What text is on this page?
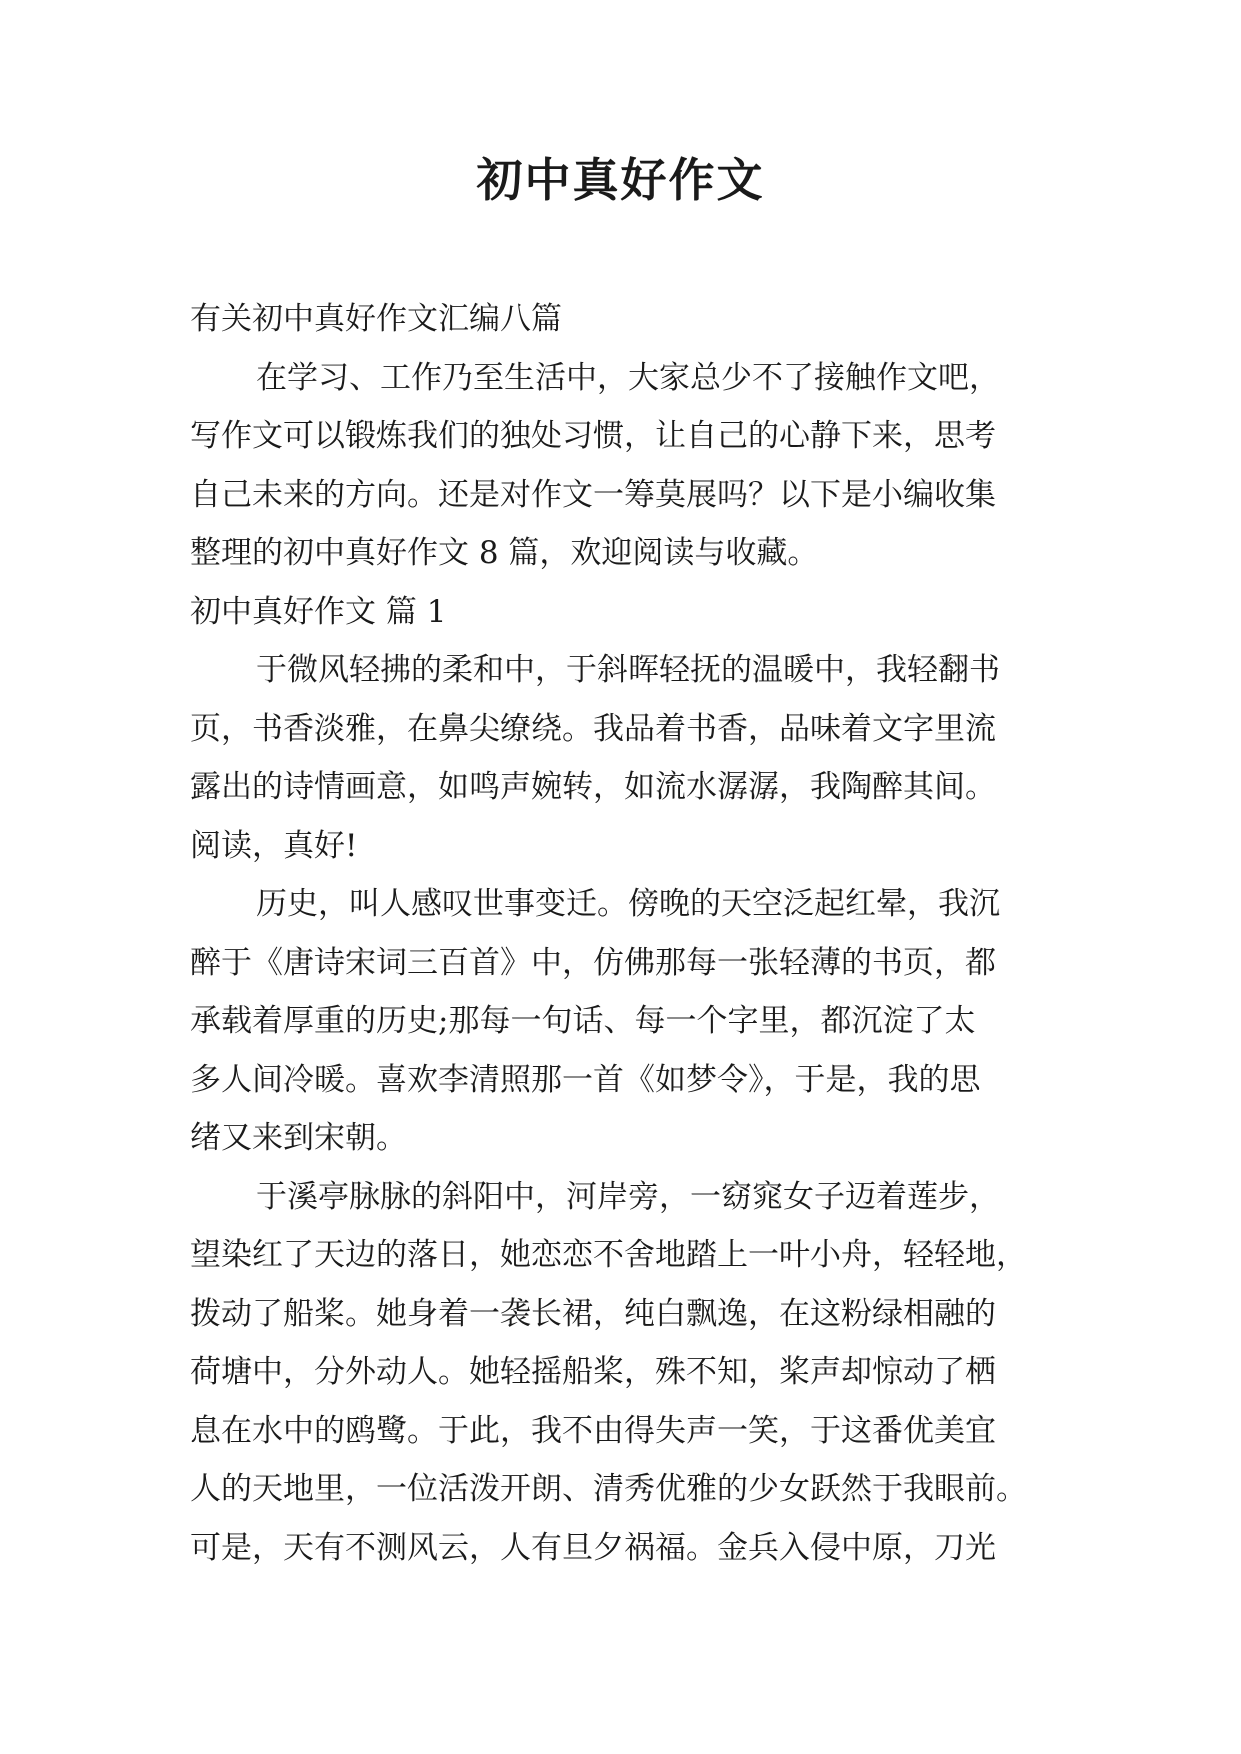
初中真好作文
有关初中真好作文汇编八篇
在学习、工作乃至生活中，大家总少不了接触作文吧，
写作文可以锻炼我们的独处习惯，让自己的心静下来，思考
自己未来的方向。还是对作文一筹莫展吗？以下是小编收集
整理的初中真好作文 8 篇，欢迎阅读与收藏。
初中真好作文 篇 1
于微风轻拂的柔和中，于斜晖轻抚的温暖中，我轻翻书
页，书香淡雅，在鼻尖缭绕。我品着书香，品味着文字里流
露出的诗情画意，如鸣声婉转，如流水潺潺，我陶醉其间。
阅读，真好!
历史，叫人感叹世事变迁。傍晚的天空泛起红晕，我沉
醉于《唐诗宋词三百首》中，仿佛那每一张轻薄的书页，都
承载着厚重的历史;那每一句话、每一个字里，都沉淀了太
多人间冷暖。喜欢李清照那一首《如梦令》，于是，我的思
绪又来到宋朝。
于溪亭脉脉的斜阳中，河岸旁，一窈窕女子迈着莲步，
望染红了天边的落日，她恋恋不舍地踏上一叶小舟，轻轻地，
拨动了船桨。她身着一袭长裙，纯白飘逸，在这粉绿相融的
荷塘中，分外动人。她轻摇船桨，殊不知，桨声却惊动了栖
息在水中的鸥鹭。于此，我不由得失声一笑，于这番优美宜
人的天地里，一位活泼开朗、清秀优雅的少女跃然于我眼前。
可是，天有不测风云，人有旦夕祸福。金兵入侵中原，刀光
